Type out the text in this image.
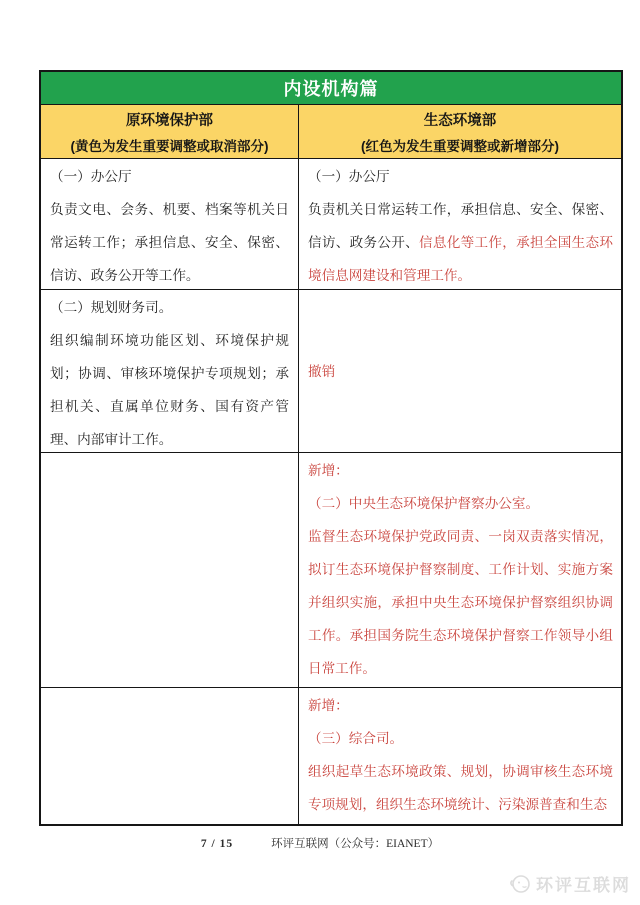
内设机构篇
原环境保护部
(黄色为发生重要调整或取消部分)
生态环境部
(红色为发生重要调整或新增部分)

（一）办公厅

负责文电、会务、机要、档案等机关日常运转工作；承担信息、安全、保密、信访、政务公开等工作。

（一）办公厅

负责机关日常运转工作，承担信息、安全、保密、信访、政务公开、信息化等工作，承担全国生态环境信息网建设和管理工作。

（二）规划财务司。

组织编制环境功能区划、环境保护规划；协调、审核环境保护专项规划；承担机关、直属单位财务、国有资产管理、内部审计工作。

撤销

新增：

（二）中央生态环境保护督察办公室。

监督生态环境保护党政同责、一岗双责落实情况，拟订生态环境保护督察制度、工作计划、实施方案并组织实施，承担中央生态环境保护督察组织协调工作。承担国务院生态环境保护督察工作领导小组日常工作。

新增：

（三）综合司。

组织起草生态环境政策、规划，协调审核生态环境专项规划，组织生态环境统计、污染源普查和生态

7 / 15	环评互联网（公众号：EIANET）
环评互联网
